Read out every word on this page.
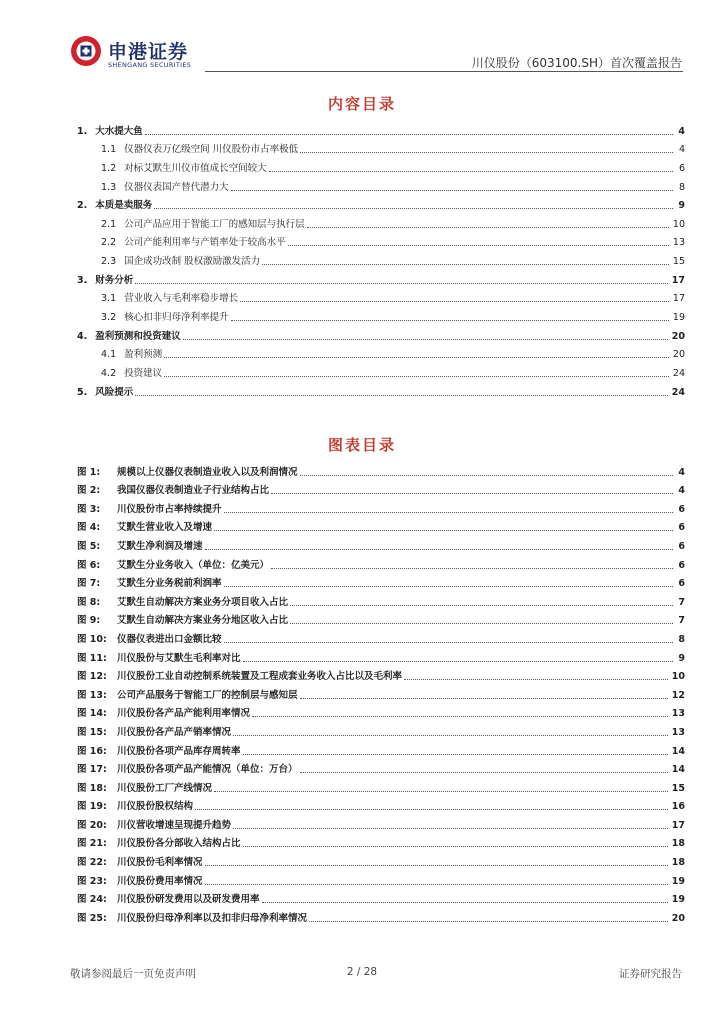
申港证券
SHENGANG SECURITIES	川仪股份（603100.SH）首次覆盖报告
内容目录
1. 大水提大鱼	4
1.1 仪器仪表万亿级空间 川仪股份市占率极低	4
1.2 对标艾默生川仪市值成长空间较大	6
1.3 仪器仪表国产替代潜力大	8
2. 本质是卖服务	9
2.1 公司产品应用于智能工厂的感知层与执行层	10
2.2 公司产能利用率与产销率处于较高水平	13
2.3 国企成功改制 股权激励激发活力	15
3. 财务分析	17
3.1 营业收入与毛利率稳步增长	17
3.2 核心扣非归母净利率提升	19
4. 盈利预测和投资建议	20
4.1 盈利预测	20
4.2 投资建议	24
5. 风险提示	24
图表目录
图 1:	规模以上仪器仪表制造业收入以及利润情况	4
图 2:	我国仪器仪表制造业子行业结构占比	4
图 3:	川仪股份市占率持续提升	6
图 4:	艾默生营业收入及增速	6
图 5:	艾默生净利润及增速	6
图 6:	艾默生分业务收入（单位：亿美元）	6
图 7:	艾默生分业务税前利润率	6
图 8:	艾默生自动解决方案业务分项目收入占比	7
图 9:	艾默生自动解决方案业务分地区收入占比	7
图 10:	仪器仪表进出口金额比较	8
图 11:	川仪股份与艾默生毛利率对比	9
图 12:	川仪股份工业自动控制系统装置及工程成套业务收入占比以及毛利率	10
图 13:	公司产品服务于智能工厂的控制层与感知层	12
图 14:	川仪股份各产品产能利用率情况	13
图 15:	川仪股份各产品产销率情况	13
图 16:	川仪股份各项产品库存周转率	14
图 17:	川仪股份各项产品产能情况（单位：万台）	14
图 18:	川仪股份工厂产线情况	15
图 19:	川仪股份股权结构	16
图 20:	川仪营收增速呈现提升趋势	17
图 21:	川仪股份各分部收入结构占比	18
图 22:	川仪股份毛利率情况	18
图 23:	川仪股份费用率情况	19
图 24:	川仪股份研发费用以及研发费用率	19
图 25:	川仪股份归母净利率以及扣非归母净利率情况	20
敬请参阅最后一页免责声明	2 / 28	证券研究报告
